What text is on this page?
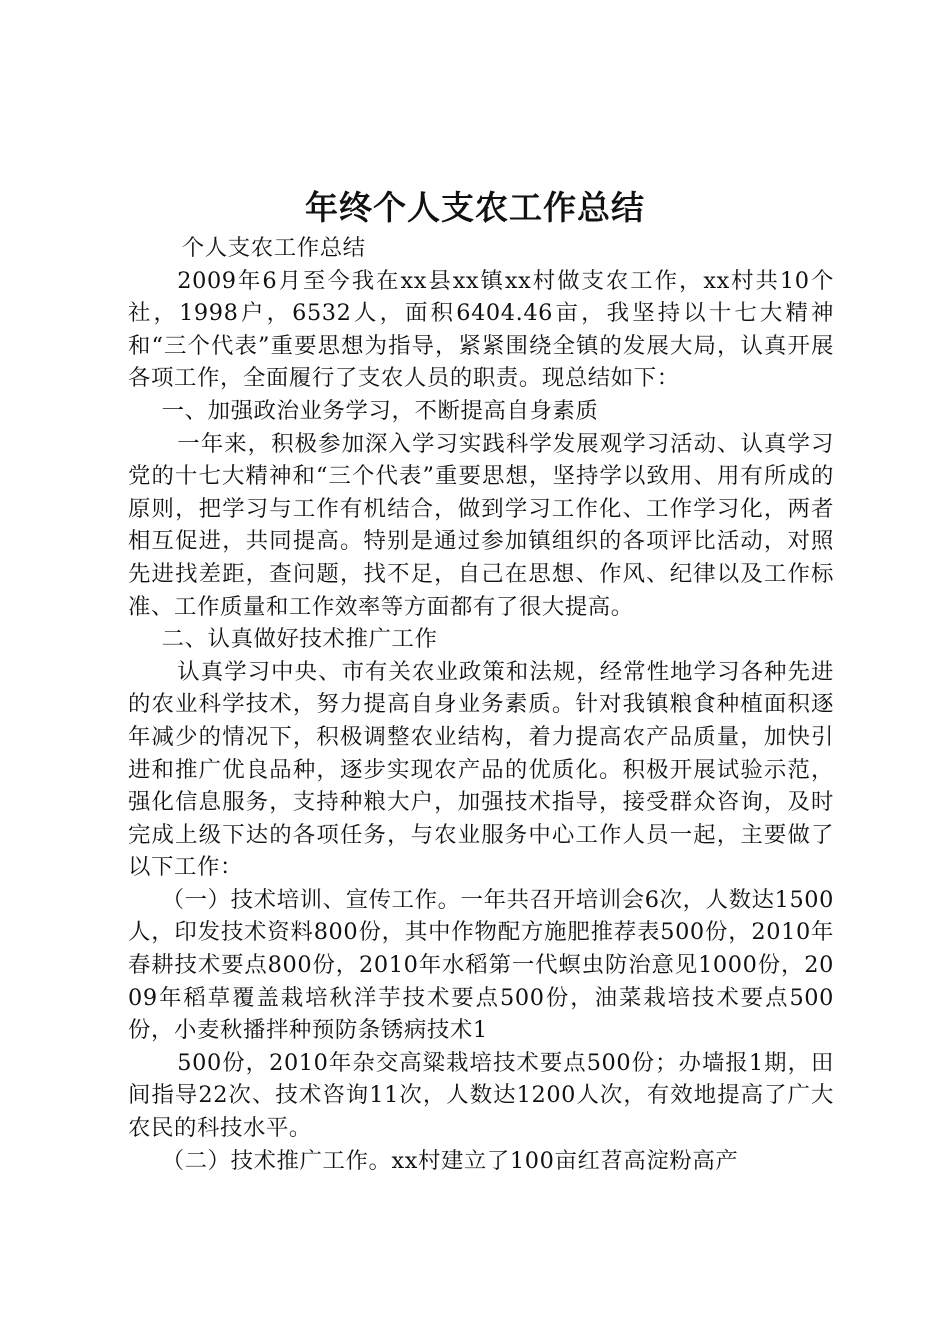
年终个人支农工作总结

个人支农工作总结

2009年6月至今我在xx县xx镇xx村做支农工作，xx村共10个社，1998户，6532人，面积6404.46亩，我坚持以十七大精神和“三个代表”重要思想为指导，紧紧围绕全镇的发展大局，认真开展各项工作，全面履行了支农人员的职责。现总结如下：

一、加强政治业务学习，不断提高自身素质

一年来，积极参加深入学习实践科学发展观学习活动、认真学习党的十七大精神和“三个代表”重要思想，坚持学以致用、用有所成的原则，把学习与工作有机结合，做到学习工作化、工作学习化，两者相互促进，共同提高。特别是通过参加镇组织的各项评比活动，对照先进找差距，查问题，找不足，自己在思想、作风、纪律以及工作标准、工作质量和工作效率等方面都有了很大提高。

二、认真做好技术推广工作

认真学习中央、市有关农业政策和法规，经常性地学习各种先进的农业科学技术，努力提高自身业务素质。针对我镇粮食种植面积逐年减少的情况下，积极调整农业结构，着力提高农产品质量，加快引进和推广优良品种，逐步实现农产品的优质化。积极开展试验示范，强化信息服务，支持种粮大户，加强技术指导，接受群众咨询，及时完成上级下达的各项任务，与农业服务中心工作人员一起，主要做了以下工作：

（一）技术培训、宣传工作。一年共召开培训会6次，人数达1500人，印发技术资料800份，其中作物配方施肥推荐表500份，2010年春耕技术要点800份，2010年水稻第一代螟虫防治意见1000份，2009年稻草覆盖栽培秋洋芋技术要点500份，油菜栽培技术要点500份，小麦秋播拌种预防条锈病技术1

500份，2010年杂交高粱栽培技术要点500份；办墙报1期，田间指导22次、技术咨询11次，人数达1200人次，有效地提高了广大农民的科技水平。

（二）技术推广工作。xx村建立了100亩红苕高淀粉高产
